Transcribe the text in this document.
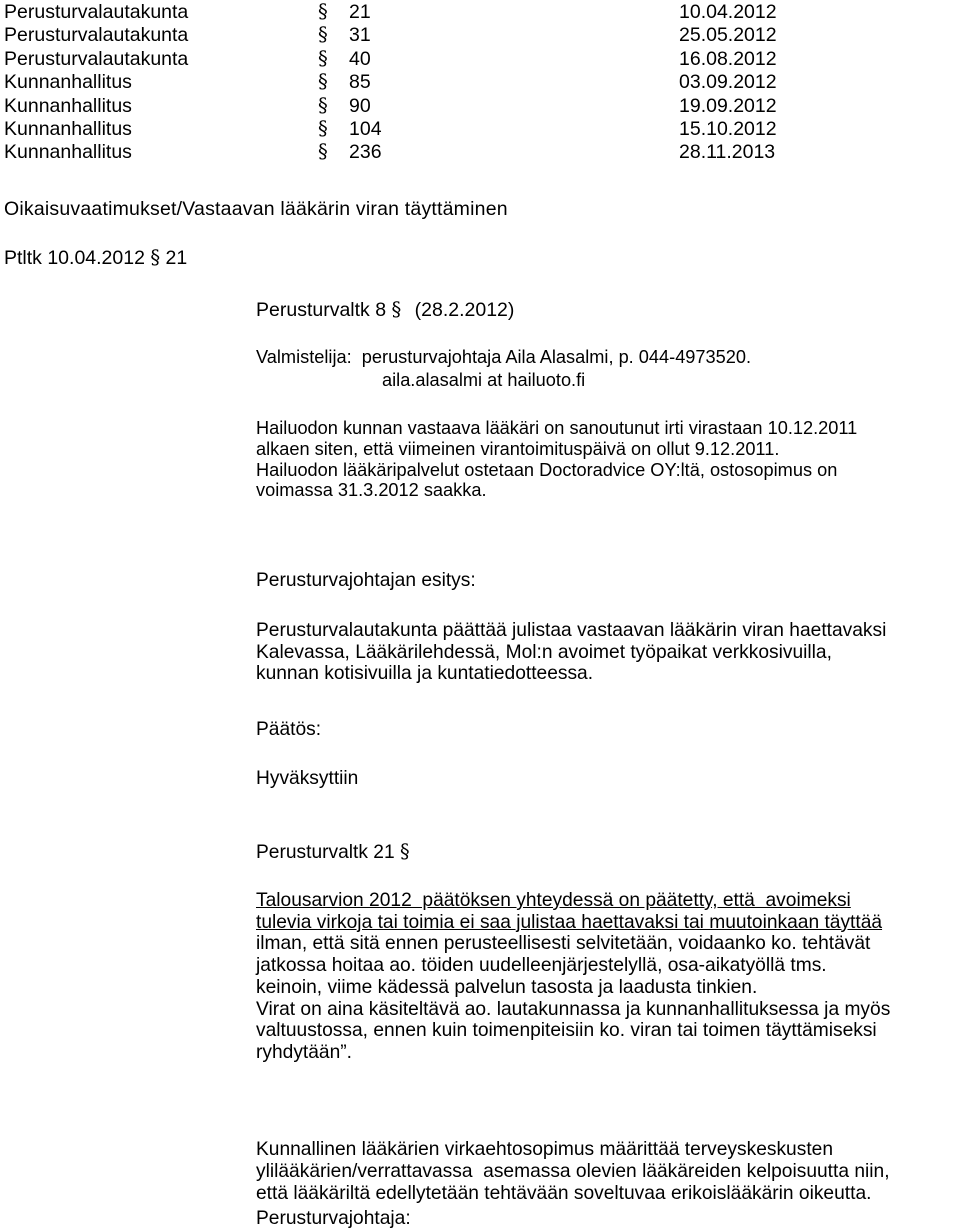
Perusturvalautakunta	§ 21	10.04.2012
Perusturvalautakunta	§ 31	25.05.2012
Perusturvalautakunta	§ 40	16.08.2012
Kunnanhallitus	§ 85	03.09.2012
Kunnanhallitus	§ 90	19.09.2012
Kunnanhallitus	§ 104	15.10.2012
Kunnanhallitus	§ 236	28.11.2013
Oikaisuvaatimukset/Vastaavan lääkärin viran täyttäminen
Ptltk 10.04.2012 § 21
Perusturvaltk 8 § (28.2.2012)
Valmistelija:  perusturvajohtaja Aila Alasalmi, p. 044-4973520.
aila.alasalmi at hailuoto.fi
Hailuodon kunnan vastaava lääkäri on sanoutunut irti virastaan 10.12.2011
alkaen siten, että viimeinen virantoimituspäivä on ollut 9.12.2011.
Hailuodon lääkäripalvelut ostetaan Doctoradvice OY:ltä, ostosopimus on
voimassa 31.3.2012 saakka.
Perusturvajohtajan esitys:
Perusturvalautakunta päättää julistaa vastaavan lääkärin viran haettavaksi
Kalevassa, Lääkärilehdessä, Mol:n avoimet työpaikat verkkosivuilla,
kunnan kotisivuilla ja kuntatiedotteessa.
Päätös:
Hyväksyttiin
Perusturvaltk 21 §
Talousarvion 2012  päätöksen yhteydessä on päätetty, että  avoimeksi
tulevia virkoja tai toimia ei saa julistaa haettavaksi tai muutoinkaan täyttää
ilman, että sitä ennen perusteellisesti selvitetään, voidaanko ko. tehtävät
jatkossa hoitaa ao. töiden uudelleenjärjestelyllä, osa-aikatyöllä tms.
keinoin, viime kädessä palvelun tasosta ja laadusta tinkien.
Virat on aina käsiteltävä ao. lautakunnassa ja kunnanhallituksessa ja myös
valtuustossa, ennen kuin toimenpiteisiin ko. viran tai toimen täyttämiseksi
ryhdytään”.
Kunnallinen lääkärien virkaehtosopimus määrittää terveyskeskusten
ylilääkärien/verrattavassa  asemassa olevien lääkäreiden kelpoisuutta niin,
että lääkäriltä edellytetään tehtävään soveltuvaa erikoislääkärin oikeutta.
Perusturvajohtaja:
